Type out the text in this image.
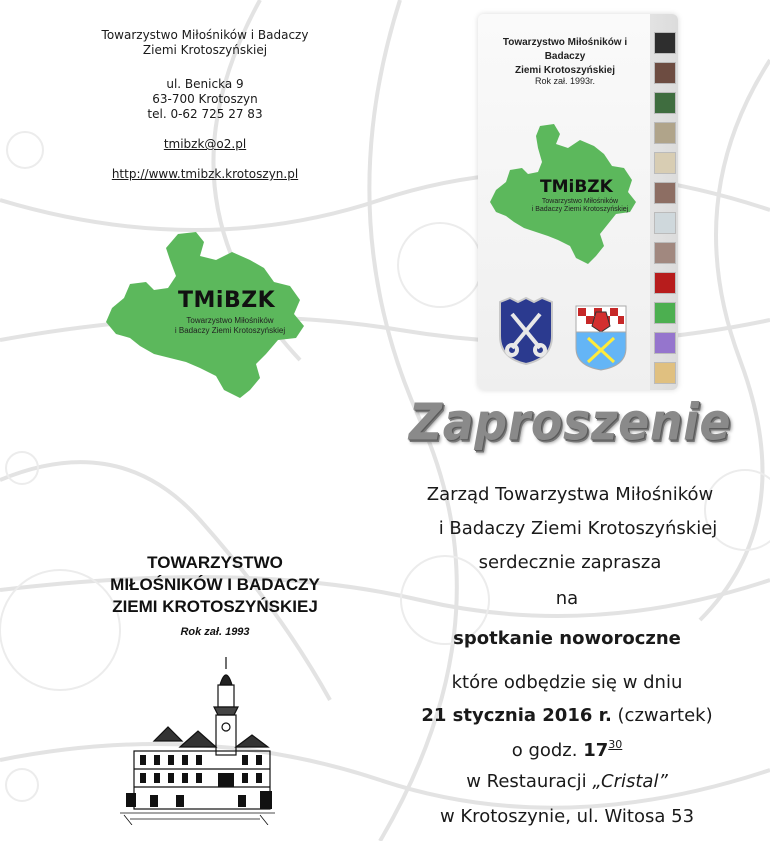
Towarzystwo Miłośników i Badaczy
Ziemi Krotoszyńskiej
ul. Benicka 9
63-700 Krotoszyn
tel. 0-62 725 27 83
tmibzk@o2.pl
http://www.tmibzk.krotoszyn.pl
TMiBZK
Towarzystwo Miłośników
i Badaczy Ziemi Krotoszyńskiej
Towarzystwo Miłośników i Badaczy
Ziemi Krotoszyńskiej
Rok zał. 1993r.
TMiBZK
Towarzystwo Miłośników
i Badaczy Ziemi Krotoszyńskiej
Zaproszenie
Zarząd Towarzystwa Miłośników
i Badaczy Ziemi Krotoszyńskiej
serdecznie zaprasza
na
spotkanie noworoczne
które odbędzie się w dniu
21 stycznia 2016 r. (czwartek)
o godz. $17^{30}$
w Restauracji „Cristal”
w Krotoszynie, ul. Witosa 53
TOWARZYSTWO
MIŁOŚNIKÓW I BADACZY
ZIEMI KROTOSZYŃSKIEJ
Rok zał. 1993
